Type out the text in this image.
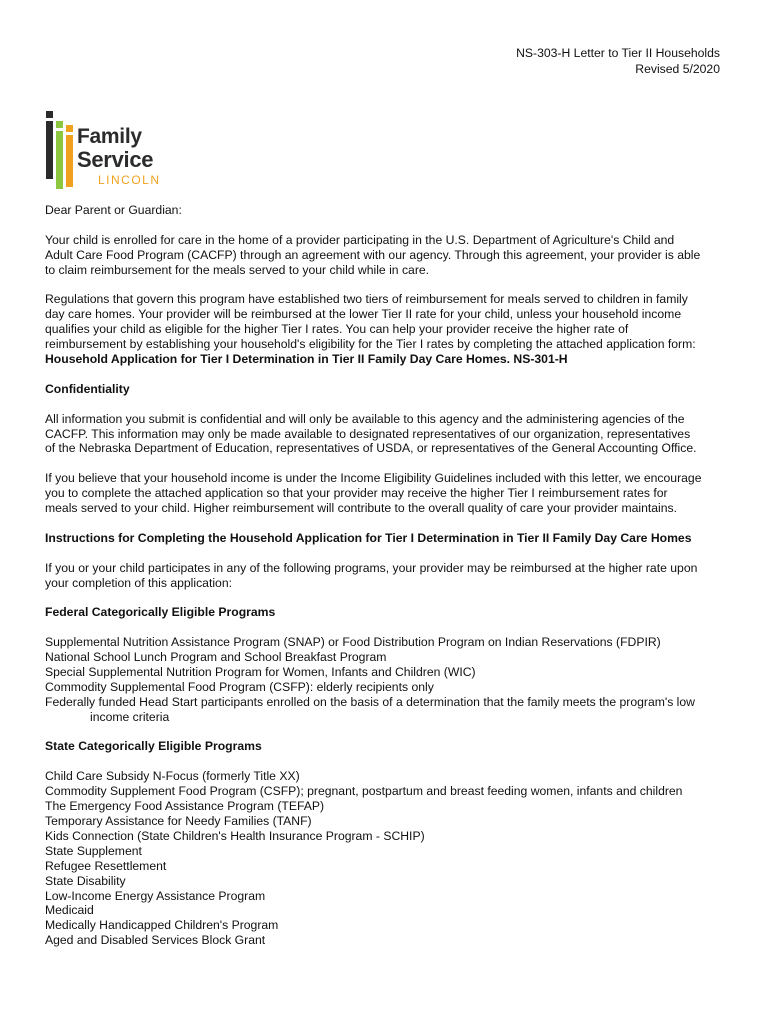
NS-303-H Letter to Tier II Households
Revised 5/2020
Family
Service
LINCOLN

Dear Parent or Guardian:

Your child is enrolled for care in the home of a provider participating in the U.S. Department of Agriculture's Child and

Adult Care Food Program (CACFP) through an agreement with our agency. Through this agreement, your provider is able

to claim reimbursement for the meals served to your child while in care.

Regulations that govern this program have established two tiers of reimbursement for meals served to children in family

day care homes. Your provider will be reimbursed at the lower Tier II rate for your child, unless your household income

qualifies your child as eligible for the higher Tier I rates. You can help your provider receive the higher rate of

reimbursement by establishing your household's eligibility for the Tier I rates by completing the attached application form:

Household Application for Tier I Determination in Tier II Family Day Care Homes. NS-301-H

Confidentiality

All information you submit is confidential and will only be available to this agency and the administering agencies of the

CACFP. This information may only be made available to designated representatives of our organization, representatives

of the Nebraska Department of Education, representatives of USDA, or representatives of the General Accounting Office.

If you believe that your household income is under the Income Eligibility Guidelines included with this letter, we encourage

you to complete the attached application so that your provider may receive the higher Tier I reimbursement rates for

meals served to your child. Higher reimbursement will contribute to the overall quality of care your provider maintains.

Instructions for Completing the Household Application for Tier I Determination in Tier II Family Day Care Homes

If you or your child participates in any of the following programs, your provider may be reimbursed at the higher rate upon

your completion of this application:

Federal Categorically Eligible Programs

Supplemental Nutrition Assistance Program (SNAP) or Food Distribution Program on Indian Reservations (FDPIR)

National School Lunch Program and School Breakfast Program

Special Supplemental Nutrition Program for Women, Infants and Children (WIC)

Commodity Supplemental Food Program (CSFP): elderly recipients only

Federally funded Head Start participants enrolled on the basis of a determination that the family meets the program's low

income criteria

State Categorically Eligible Programs

Child Care Subsidy N-Focus (formerly Title XX)

Commodity Supplement Food Program (CSFP); pregnant, postpartum and breast feeding women, infants and children

The Emergency Food Assistance Program (TEFAP)

Temporary Assistance for Needy Families (TANF)

Kids Connection (State Children's Health Insurance Program - SCHIP)

State Supplement

Refugee Resettlement

State Disability

Low-Income Energy Assistance Program

Medicaid

Medically Handicapped Children's Program

Aged and Disabled Services Block Grant
